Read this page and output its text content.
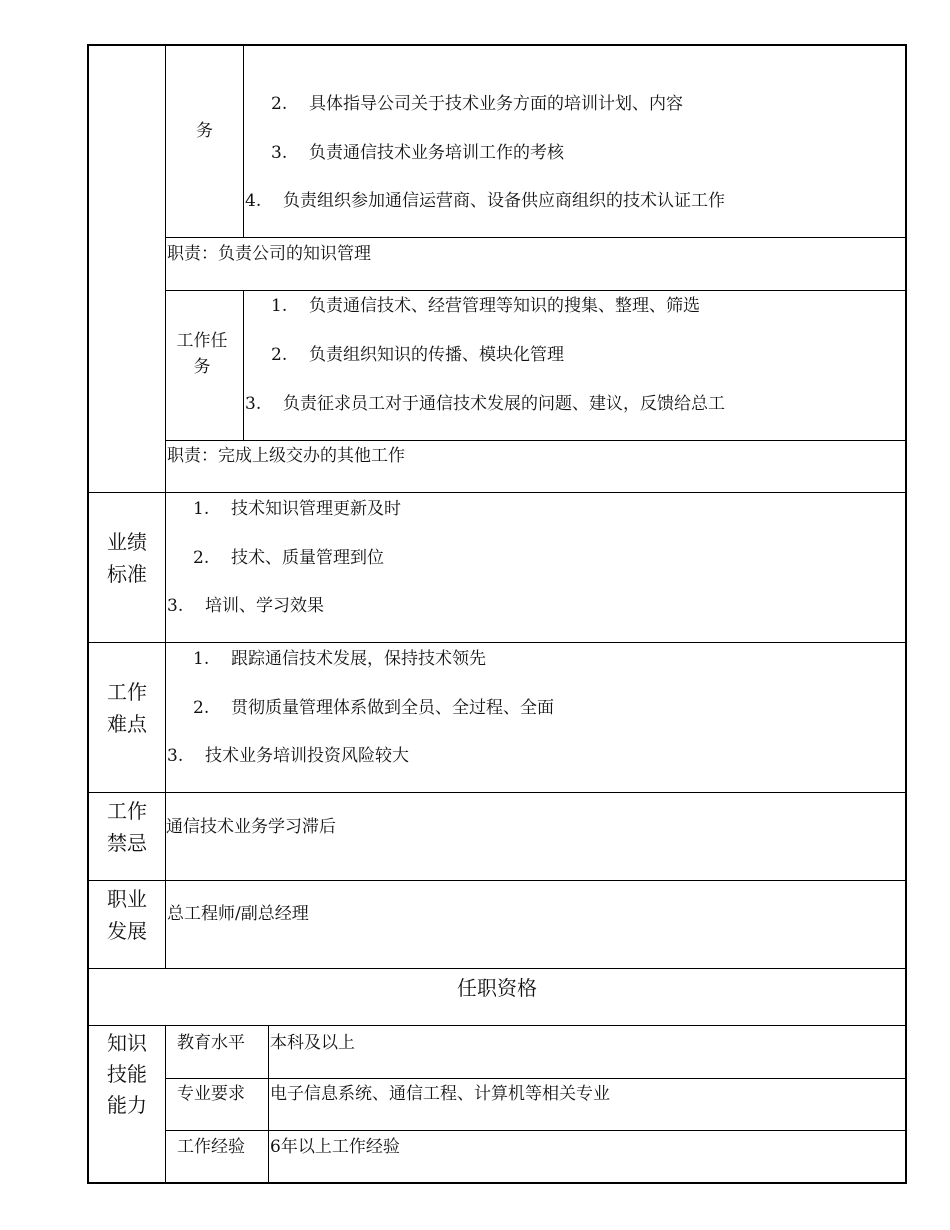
务
2. 具体指导公司关于技术业务方面的培训计划、内容
3. 负责通信技术业务培训工作的考核
4. 负责组织参加通信运营商、设备供应商组织的技术认证工作
职责：负责公司的知识管理
工作任务
1. 负责通信技术、经营管理等知识的搜集、整理、筛选
2. 负责组织知识的传播、模块化管理
3. 负责征求员工对于通信技术发展的问题、建议，反馈给总工
职责：完成上级交办的其他工作
业绩标准
1. 技术知识管理更新及时
2. 技术、质量管理到位
3. 培训、学习效果
工作难点
1. 跟踪通信技术发展，保持技术领先
2. 贯彻质量管理体系做到全员、全过程、全面
3. 技术业务培训投资风险较大
工作禁忌
通信技术业务学习滞后
职业发展
总工程师/副总经理
任职资格
知识技能能力
教育水平 本科及以上
专业要求 电子信息系统、通信工程、计算机等相关专业
工作经验 6年以上工作经验
